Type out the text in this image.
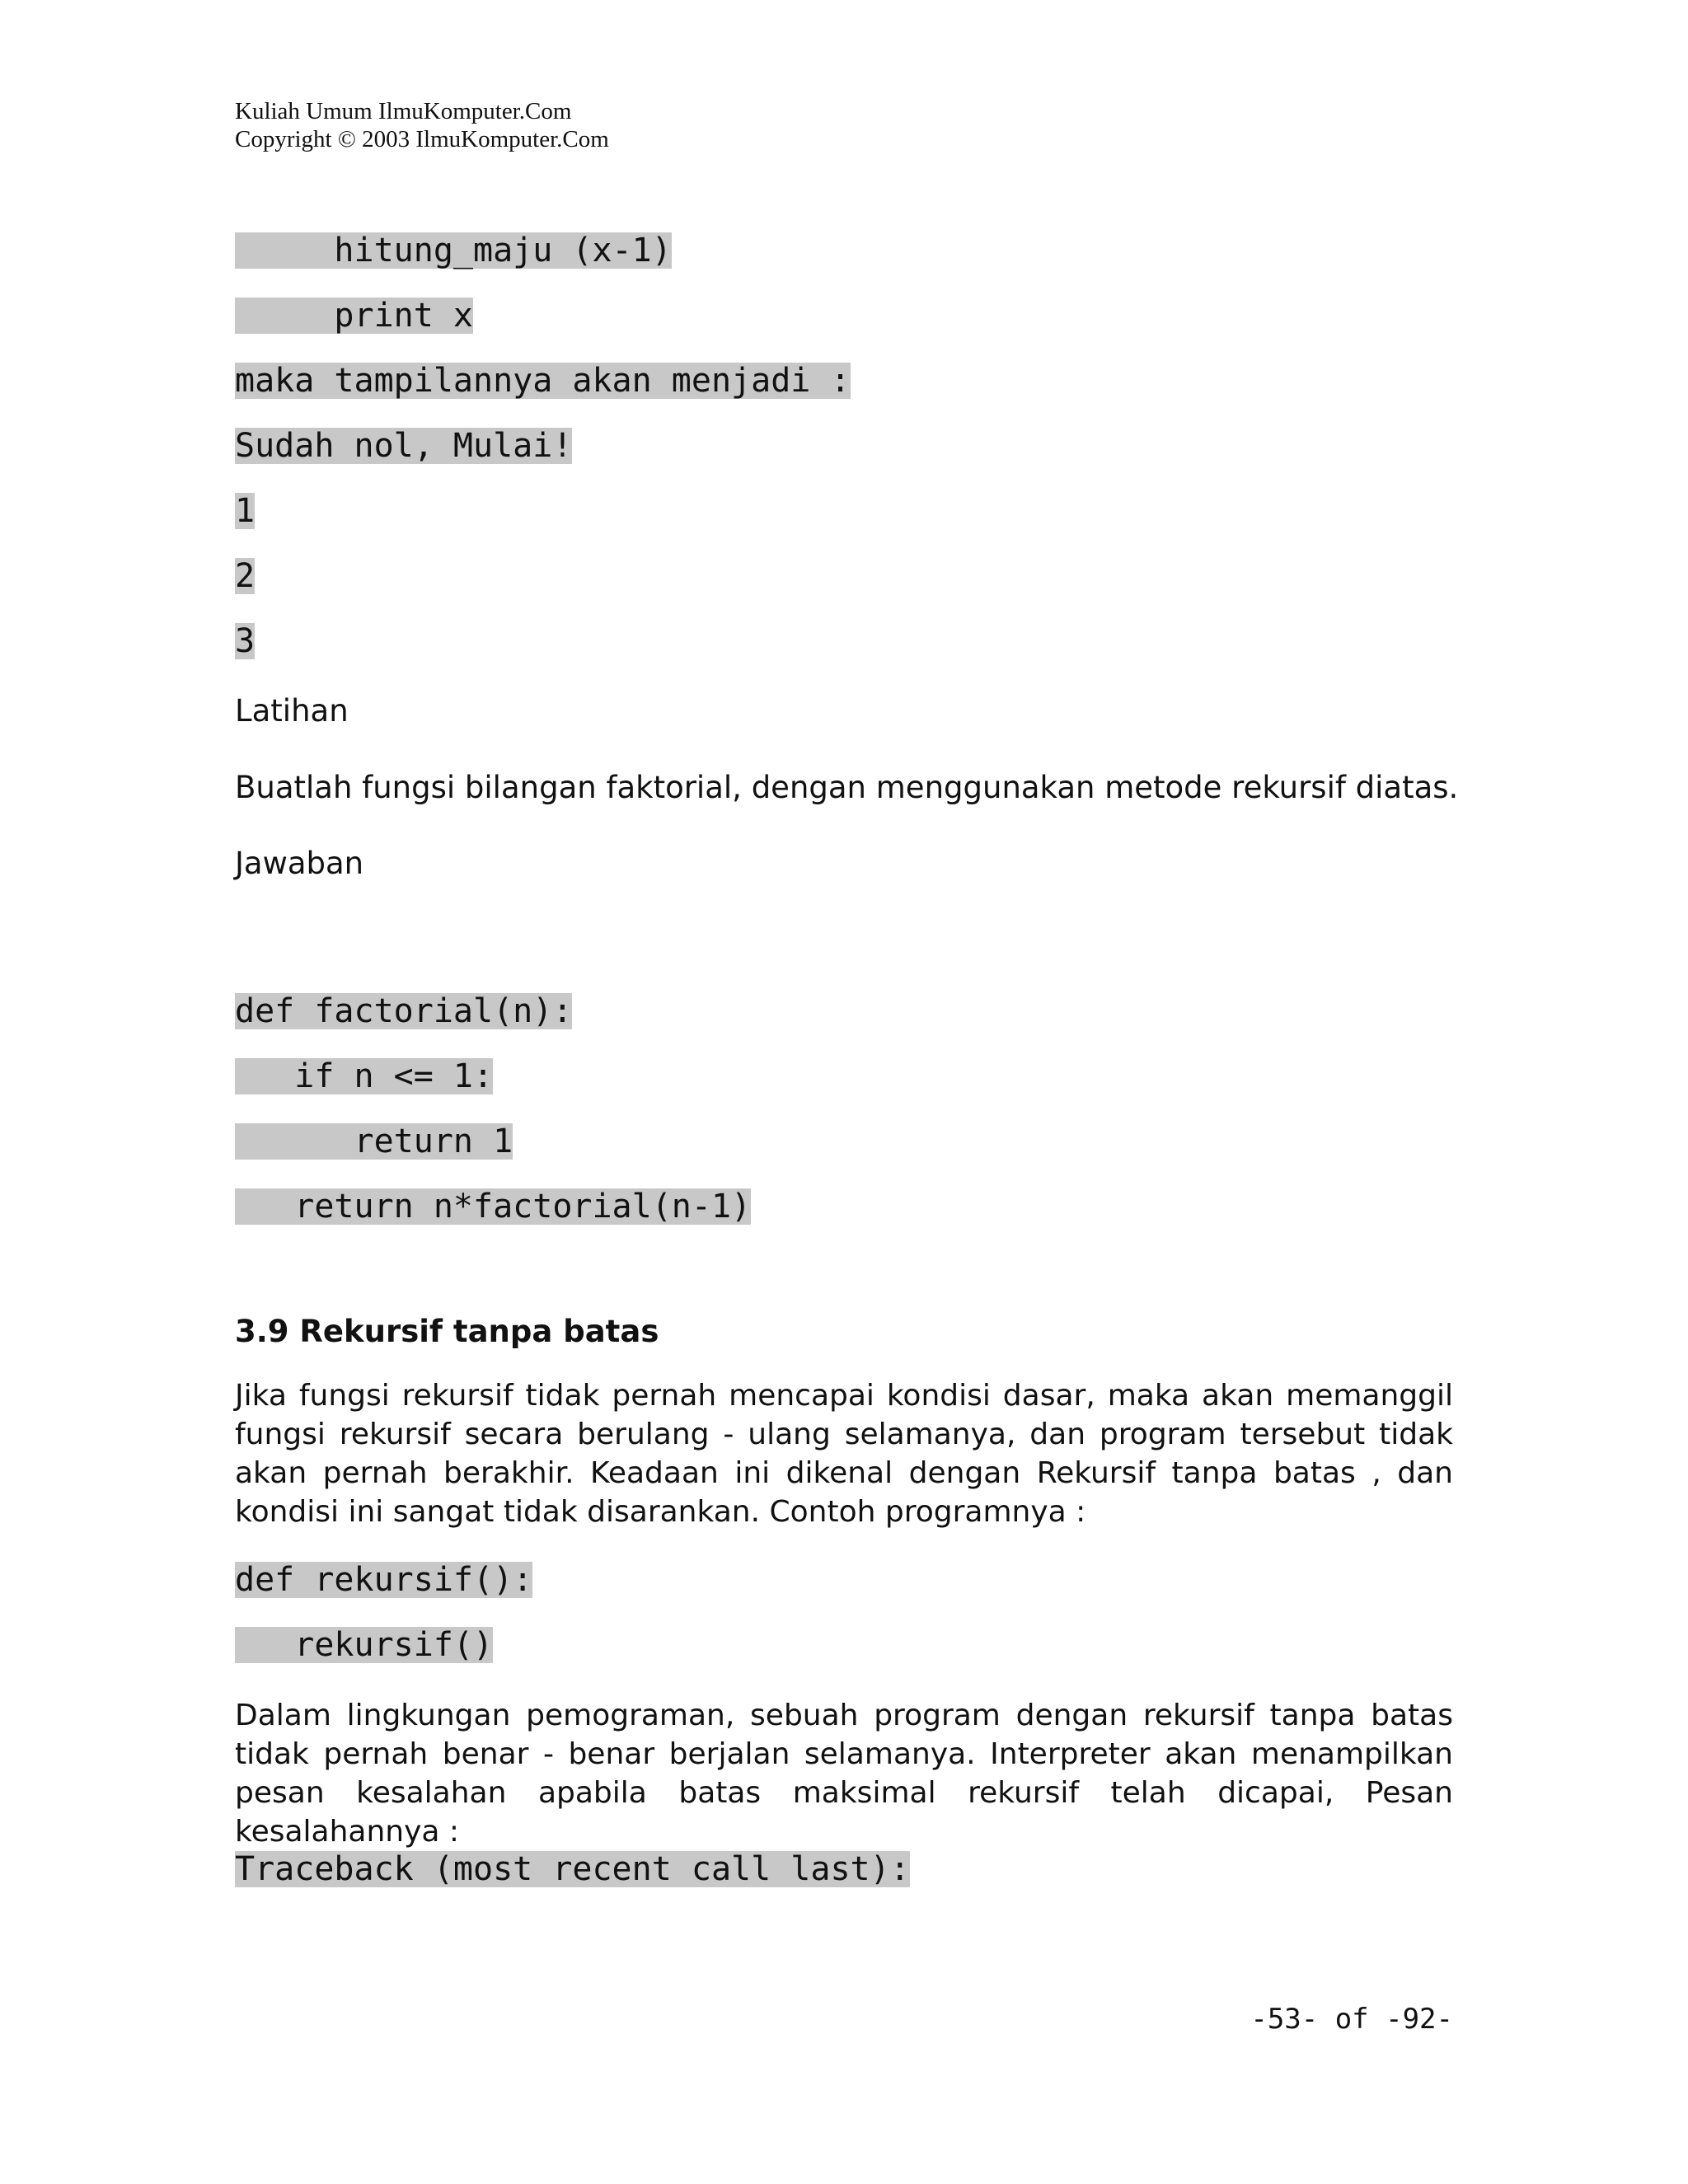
Kuliah Umum IlmuKomputer.Com
Copyright © 2003 IlmuKomputer.Com
hitung_maju (x-1)
print x
maka tampilannya akan menjadi :
Sudah nol, Mulai!
1
2
3
Latihan
Buatlah fungsi bilangan faktorial, dengan menggunakan metode rekursif diatas.
Jawaban
def factorial(n):
if n <= 1:
return 1
return n*factorial(n-1)
3.9 Rekursif tanpa batas
Jika fungsi rekursif tidak pernah mencapai kondisi dasar, maka akan memanggil fungsi rekursif secara berulang - ulang selamanya, dan program tersebut tidak akan pernah berakhir. Keadaan ini dikenal dengan Rekursif tanpa batas , dan kondisi ini sangat tidak disarankan. Contoh programnya :
def rekursif():
rekursif()
Dalam lingkungan pemograman, sebuah program dengan rekursif tanpa batas tidak pernah benar - benar berjalan selamanya. Interpreter akan menampilkan pesan kesalahan apabila batas maksimal rekursif telah dicapai, Pesan kesalahannya :
Traceback (most recent call last):
-53- of -92-
